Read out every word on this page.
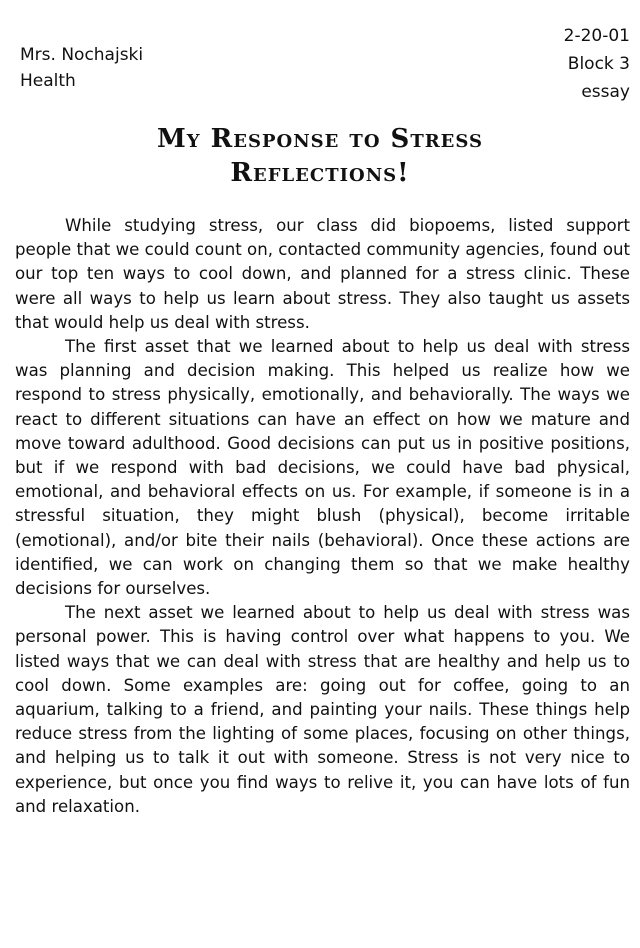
Mrs. Nochajski
Health
2-20-01
Block 3
essay
My Response to Stress
Reflections!

While studying stress, our class did biopoems, listed support people that we could count on, contacted community agencies, found out our top ten ways to cool down, and planned for a stress clinic. These were all ways to help us learn about stress. They also taught us assets that would help us deal with stress.

The first asset that we learned about to help us deal with stress was planning and decision making. This helped us realize how we respond to stress physically, emotionally, and behaviorally. The ways we react to different situations can have an effect on how we mature and move toward adulthood. Good decisions can put us in positive positions, but if we respond with bad decisions, we could have bad physical, emotional, and behavioral effects on us. For example, if someone is in a stressful situation, they might blush (physical), become irritable (emotional), and/or bite their nails (behavioral). Once these actions are identified, we can work on changing them so that we make healthy decisions for ourselves.

The next asset we learned about to help us deal with stress was personal power. This is having control over what happens to you. We listed ways that we can deal with stress that are healthy and help us to cool down. Some examples are: going out for coffee, going to an aquarium, talking to a friend, and painting your nails. These things help reduce stress from the lighting of some places, focusing on other things, and helping us to talk it out with someone. Stress is not very nice to experience, but once you find ways to relive it, you can have lots of fun and relaxation.
